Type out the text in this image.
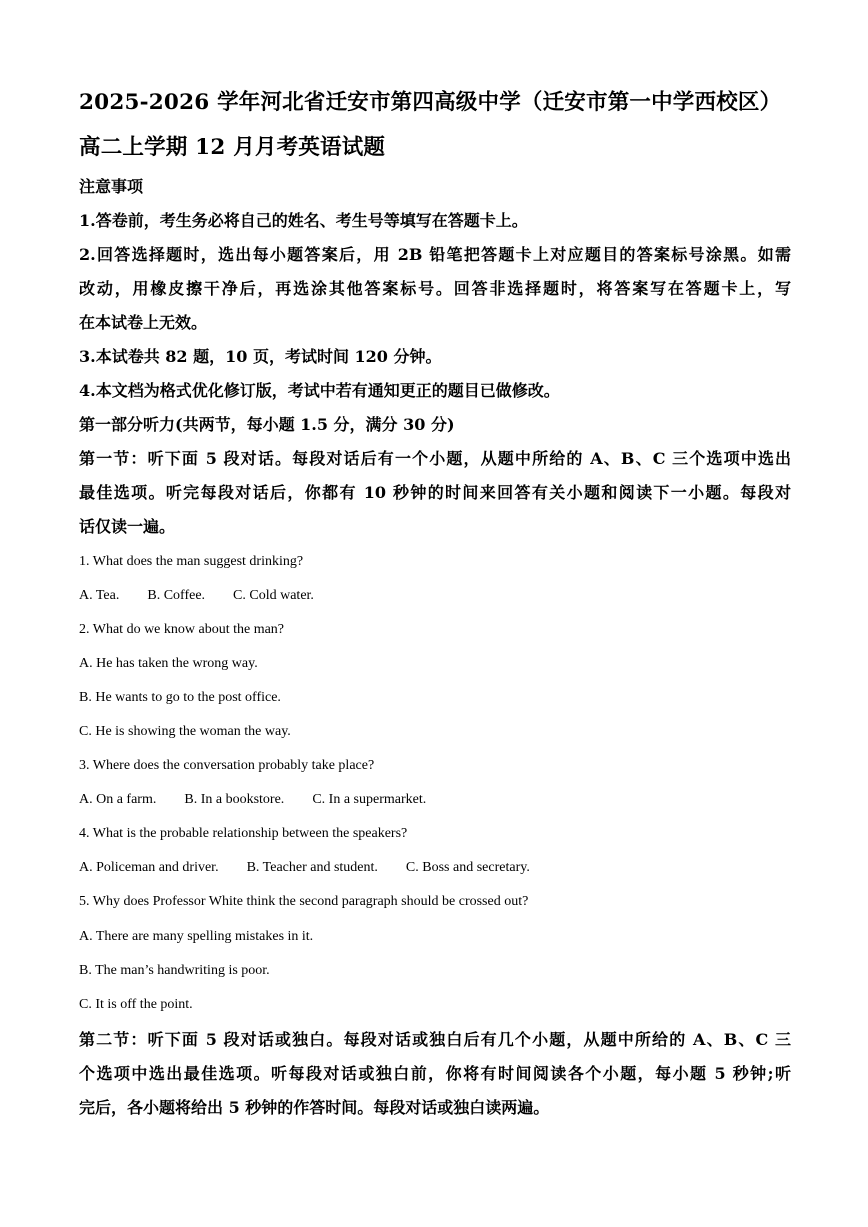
2025-2026 学年河北省迁安市第四高级中学（迁安市第一中学西校区）
高二上学期 12 月月考英语试题
注意事项
1.答卷前，考生务必将自己的姓名、考生号等填写在答题卡上。
2.回答选择题时，选出每小题答案后，用 2B 铅笔把答题卡上对应题目的答案标号涂黑。如需
改动，用橡皮擦干净后，再选涂其他答案标号。回答非选择题时，将答案写在答题卡上，写
在本试卷上无效。
3.本试卷共 82 题，10 页，考试时间 120 分钟。
4.本文档为格式优化修订版，考试中若有通知更正的题目已做修改。
第一部分听力(共两节，每小题 1.5 分，满分 30 分)
第一节：听下面 5 段对话。每段对话后有一个小题，从题中所给的 A、B、C 三个选项中选出
最佳选项。听完每段对话后，你都有 10 秒钟的时间来回答有关小题和阅读下一小题。每段对
话仅读一遍。
1. What does the man suggest drinking?
A. Tea. B. Coffee. C. Cold water.
2. What do we know about the man?
A. He has taken the wrong way.
B. He wants to go to the post office.
C. He is showing the woman the way.
3. Where does the conversation probably take place?
A. On a farm. B. In a bookstore. C. In a supermarket.
4. What is the probable relationship between the speakers?
A. Policeman and driver. B. Teacher and student. C. Boss and secretary.
5. Why does Professor White think the second paragraph should be crossed out?
A. There are many spelling mistakes in it.
B. The man’s handwriting is poor.
C. It is off the point.
第二节：听下面 5 段对话或独白。每段对话或独白后有几个小题，从题中所给的 A、B、C 三
个选项中选出最佳选项。听每段对话或独白前，你将有时间阅读各个小题，每小题 5 秒钟;听
完后，各小题将给出 5 秒钟的作答时间。每段对话或独白读两遍。
